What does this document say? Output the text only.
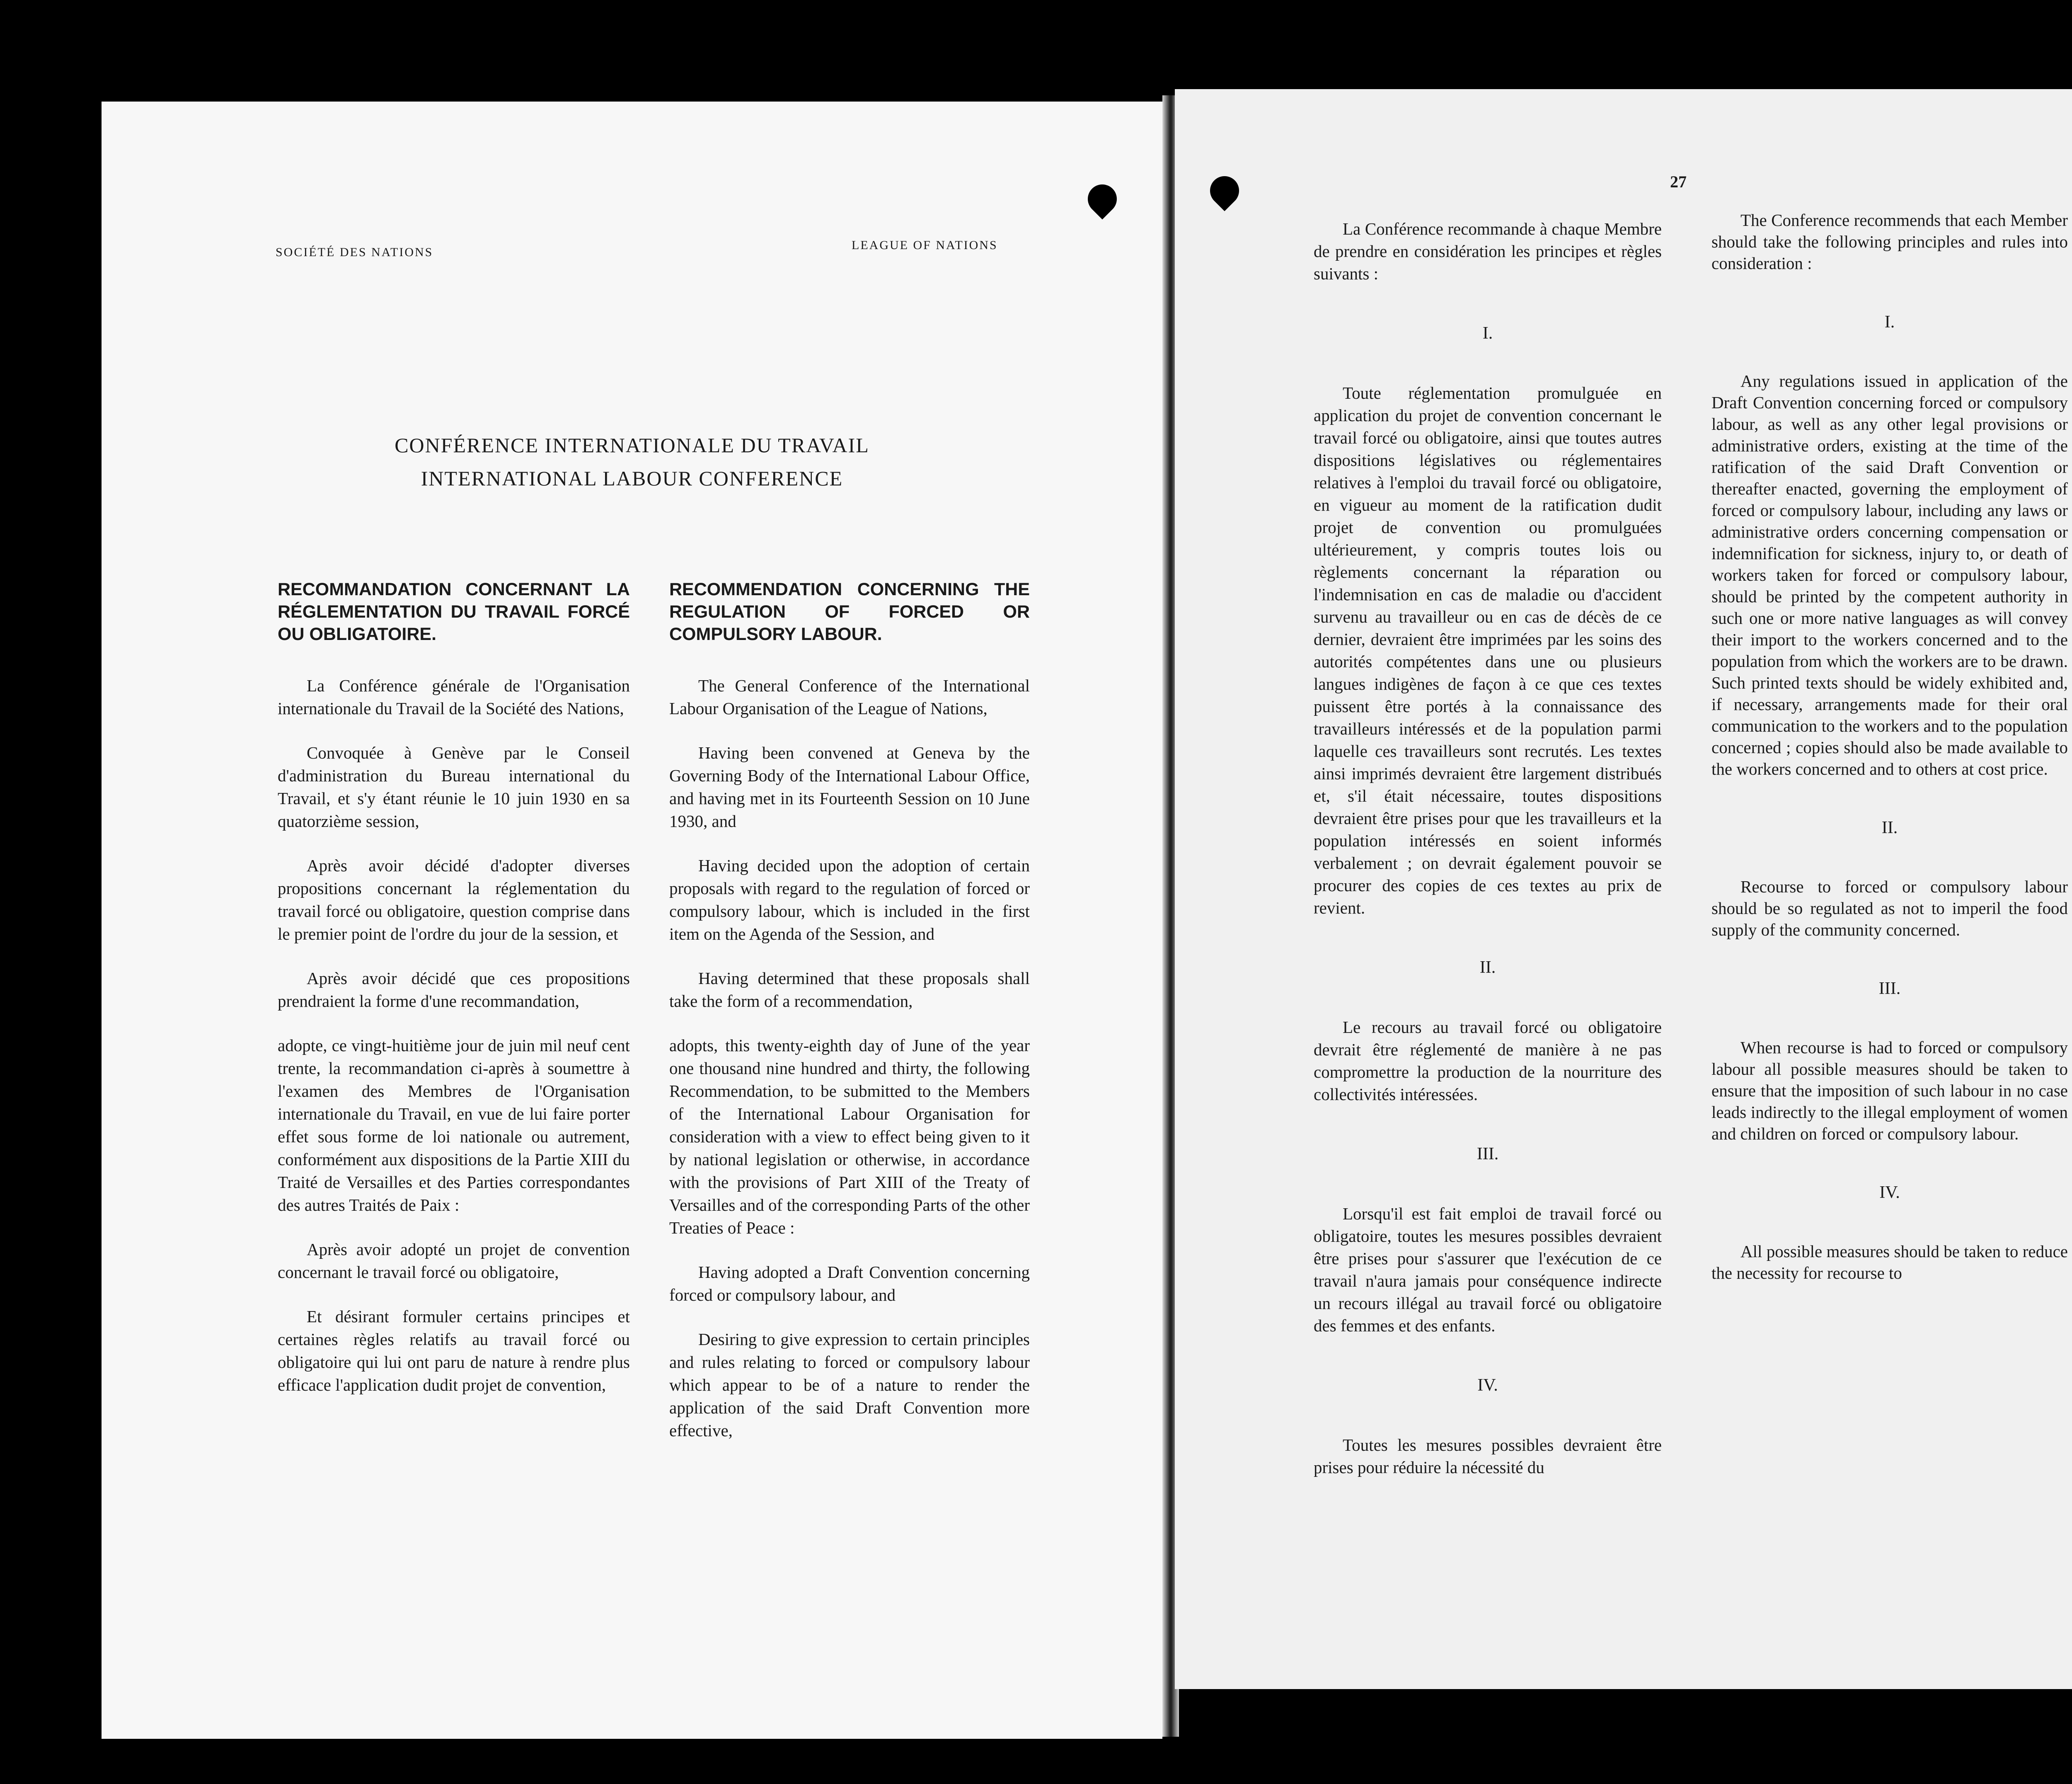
SOCIÉTÉ DES NATIONS
LEAGUE OF NATIONS
CONFÉRENCE INTERNATIONALE DU TRAVAIL
INTERNATIONAL LABOUR CONFERENCE

RECOMMANDATION CONCERNANT LA RÉGLEMENTATION DU TRAVAIL FORCÉ OU OBLIGATOIRE.

La Conférence générale de l'Organisation internationale du Travail de la Société des Nations,

Convoquée à Genève par le Conseil d'administration du Bureau international du Travail, et s'y étant réunie le 10 juin 1930 en sa quatorzième session,

Après avoir décidé d'adopter diverses propositions concernant la réglementation du travail forcé ou obligatoire, question comprise dans le premier point de l'ordre du jour de la session, et

Après avoir décidé que ces propositions prendraient la forme d'une recommandation,

adopte, ce vingt-huitième jour de juin mil neuf cent trente, la recommandation ci-après à soumettre à l'examen des Membres de l'Organisation internationale du Travail, en vue de lui faire porter effet sous forme de loi nationale ou autrement, conformément aux dispositions de la Partie XIII du Traité de Versailles et des Parties correspondantes des autres Traités de Paix :

Après avoir adopté un projet de convention concernant le travail forcé ou obligatoire,

Et désirant formuler certains principes et certaines règles relatifs au travail forcé ou obligatoire qui lui ont paru de nature à rendre plus efficace l'application dudit projet de convention,

RECOMMENDATION CONCERNING THE REGULATION OF FORCED OR COMPULSORY LABOUR.

The General Conference of the International Labour Organisation of the League of Nations,

Having been convened at Geneva by the Governing Body of the International Labour Office, and having met in its Fourteenth Session on 10 June 1930, and

Having decided upon the adoption of certain proposals with regard to the regulation of forced or compulsory labour, which is included in the first item on the Agenda of the Session, and

Having determined that these proposals shall take the form of a recommendation,

adopts, this twenty-eighth day of June of the year one thousand nine hundred and thirty, the following Recommendation, to be submitted to the Members of the International Labour Organisation for consideration with a view to effect being given to it by national legislation or otherwise, in accordance with the provisions of Part XIII of the Treaty of Versailles and of the corresponding Parts of the other Treaties of Peace :

Having adopted a Draft Convention concerning forced or compulsory labour, and

Desiring to give expression to certain principles and rules relating to forced or compulsory labour which appear to be of a nature to render the application of the said Draft Convention more effective,

27

La Conférence recommande à chaque Membre de prendre en considération les principes et règles suivants :

I.

Toute réglementation promulguée en application du projet de convention concernant le travail forcé ou obligatoire, ainsi que toutes autres dispositions législatives ou réglementaires relatives à l'emploi du travail forcé ou obligatoire, en vigueur au moment de la ratification dudit projet de convention ou promulguées ultérieurement, y compris toutes lois ou règlements concernant la réparation ou l'indemnisation en cas de maladie ou d'accident survenu au travailleur ou en cas de décès de ce dernier, devraient être imprimées par les soins des autorités compétentes dans une ou plusieurs langues indigènes de façon à ce que ces textes puissent être portés à la connaissance des travailleurs intéressés et de la population parmi laquelle ces travailleurs sont recrutés. Les textes ainsi imprimés devraient être largement distribués et, s'il était nécessaire, toutes dispositions devraient être prises pour que les travailleurs et la population intéressés en soient informés verbalement ; on devrait également pouvoir se procurer des copies de ces textes au prix de revient.

II.

Le recours au travail forcé ou obligatoire devrait être réglementé de manière à ne pas compromettre la production de la nourriture des collectivités intéressées.

III.

Lorsqu'il est fait emploi de travail forcé ou obligatoire, toutes les mesures possibles devraient être prises pour s'assurer que l'exécution de ce travail n'aura jamais pour conséquence indirecte un recours illégal au travail forcé ou obligatoire des femmes et des enfants.

IV.

Toutes les mesures possibles devraient être prises pour réduire la nécessité du

The Conference recommends that each Member should take the following principles and rules into consideration :

I.

Any regulations issued in application of the Draft Convention concerning forced or compulsory labour, as well as any other legal provisions or administrative orders, existing at the time of the ratification of the said Draft Convention or thereafter enacted, governing the employment of forced or compulsory labour, including any laws or administrative orders concerning compensation or indemnification for sickness, injury to, or death of workers taken for forced or compulsory labour, should be printed by the competent authority in such one or more native languages as will convey their import to the workers concerned and to the population from which the workers are to be drawn. Such printed texts should be widely exhibited and, if necessary, arrangements made for their oral communication to the workers and to the population concerned ; copies should also be made available to the workers concerned and to others at cost price.

II.

Recourse to forced or compulsory labour should be so regulated as not to imperil the food supply of the community concerned.

III.

When recourse is had to forced or compulsory labour all possible measures should be taken to ensure that the imposition of such labour in no case leads indirectly to the illegal employment of women and children on forced or compulsory labour.

IV.

All possible measures should be taken to reduce the necessity for recourse to
